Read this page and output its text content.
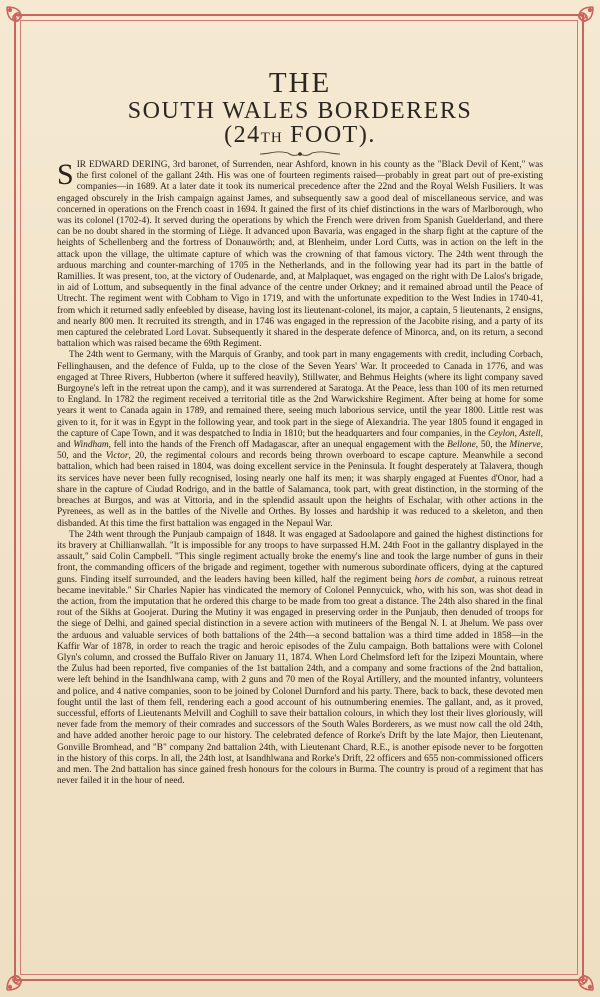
THE
SOUTH WALES BORDERERS
(24TH FOOT).

SIR EDWARD DERING, 3rd baronet, of Surrenden, near Ashford, known in his county as the "Black Devil of Kent," was the first colonel of the gallant 24th. His was one of fourteen regiments raised—probably in great part out of pre-existing companies—in 1689. At a later date it took its numerical precedence after the 22nd and the Royal Welsh Fusiliers. It was engaged obscurely in the Irish campaign against James, and subsequently saw a good deal of miscellaneous service, and was concerned in operations on the French coast in 1694. It gained the first of its chief distinctions in the wars of Marlborough, who was its colonel (1702-4). It served during the operations by which the French were driven from Spanish Guelderland, and there can be no doubt shared in the storming of Liège. It advanced upon Bavaria, was engaged in the sharp fight at the capture of the heights of Schellenberg and the fortress of Donauwörth; and, at Blenheim, under Lord Cutts, was in action on the left in the attack upon the village, the ultimate capture of which was the crowning of that famous victory. The 24th went through the arduous marching and counter-marching of 1705 in the Netherlands, and in the following year had its part in the battle of Ramillies. It was present, too, at the victory of Oudenarde, and, at Malplaquet, was engaged on the right with De Lalos's brigade, in aid of Lottum, and subsequently in the final advance of the centre under Orkney; and it remained abroad until the Peace of Utrecht. The regiment went with Cobham to Vigo in 1719, and with the unfortunate expedition to the West Indies in 1740-41, from which it returned sadly enfeebled by disease, having lost its lieutenant-colonel, its major, a captain, 5 lieutenants, 2 ensigns, and nearly 800 men. It recruited its strength, and in 1746 was engaged in the repression of the Jacobite rising, and a party of its men captured the celebrated Lord Lovat. Subsequently it shared in the desperate defence of Minorca, and, on its return, a second battalion which was raised became the 69th Regiment.

The 24th went to Germany, with the Marquis of Granby, and took part in many engagements with credit, including Corbach, Fellinghausen, and the defence of Fulda, up to the close of the Seven Years' War. It proceeded to Canada in 1776, and was engaged at Three Rivers, Hubberton (where it suffered heavily), Stillwater, and Behmus Heights (where its light company saved Burgoyne's left in the retreat upon the camp), and it was surrendered at Saratoga. At the Peace, less than 100 of its men returned to England. In 1782 the regiment received a territorial title as the 2nd Warwickshire Regiment. After being at home for some years it went to Canada again in 1789, and remained there, seeing much laborious service, until the year 1800. Little rest was given to it, for it was in Egypt in the following year, and took part in the siege of Alexandria. The year 1805 found it engaged in the capture of Cape Town, and it was despatched to India in 1810; but the headquarters and four companies, in the Ceylon, Astell, and Windham, fell into the hands of the French off Madagascar, after an unequal engagement with the Bellone, 50, the Minerve, 50, and the Victor, 20, the regimental colours and records being thrown overboard to escape capture. Meanwhile a second battalion, which had been raised in 1804, was doing excellent service in the Peninsula. It fought desperately at Talavera, though its services have never been fully recognised, losing nearly one half its men; it was sharply engaged at Fuentes d'Onor, had a share in the capture of Ciudad Rodrigo, and in the battle of Salamanca, took part, with great distinction, in the storming of the breaches at Burgos, and was at Vittoria, and in the splendid assault upon the heights of Eschalar, with other actions in the Pyrenees, as well as in the battles of the Nivelle and Orthes. By losses and hardship it was reduced to a skeleton, and then disbanded. At this time the first battalion was engaged in the Nepaul War.

The 24th went through the Punjaub campaign of 1848. It was engaged at Sadoolapore and gained the highest distinctions for its bravery at Chillianwallah. "It is impossible for any troops to have surpassed H.M. 24th Foot in the gallantry displayed in the assault," said Colin Campbell. "This single regiment actually broke the enemy's line and took the large number of guns in their front, the commanding officers of the brigade and regiment, together with numerous subordinate officers, dying at the captured guns. Finding itself surrounded, and the leaders having been killed, half the regiment being hors de combat, a ruinous retreat became inevitable." Sir Charles Napier has vindicated the memory of Colonel Pennycuick, who, with his son, was shot dead in the action, from the imputation that he ordered this charge to be made from too great a distance. The 24th also shared in the final rout of the Sikhs at Goojerat. During the Mutiny it was engaged in preserving order in the Punjaub, then denuded of troops for the siege of Delhi, and gained special distinction in a severe action with mutineers of the Bengal N. I. at Jhelum. We pass over the arduous and valuable services of both battalions of the 24th—a second battalion was a third time added in 1858—in the Kaffir War of 1878, in order to reach the tragic and heroic episodes of the Zulu campaign. Both battalions were with Colonel Glyn's column, and crossed the Buffalo River on January 11, 1874. When Lord Chelmsford left for the Izipezi Mountain, where the Zulus had been reported, five companies of the 1st battalion 24th, and a company and some fractions of the 2nd battalion, were left behind in the Isandhlwana camp, with 2 guns and 70 men of the Royal Artillery, and the mounted infantry, volunteers and police, and 4 native companies, soon to be joined by Colonel Durnford and his party. There, back to back, these devoted men fought until the last of them fell, rendering each a good account of his outnumbering enemies. The gallant, and, as it proved, successful, efforts of Lieutenants Melvill and Coghill to save their battalion colours, in which they lost their lives gloriously, will never fade from the memory of their comrades and successors of the South Wales Borderers, as we must now call the old 24th, and have added another heroic page to our history. The celebrated defence of Rorke's Drift by the late Major, then Lieutenant, Gonville Bromhead, and "B" company 2nd battalion 24th, with Lieutenant Chard, R.E., is another episode never to be forgotten in the history of this corps. In all, the 24th lost, at Isandhlwana and Rorke's Drift, 22 officers and 655 non-commissioned officers and men. The 2nd battalion has since gained fresh honours for the colours in Burma. The country is proud of a regiment that has never failed it in the hour of need.
